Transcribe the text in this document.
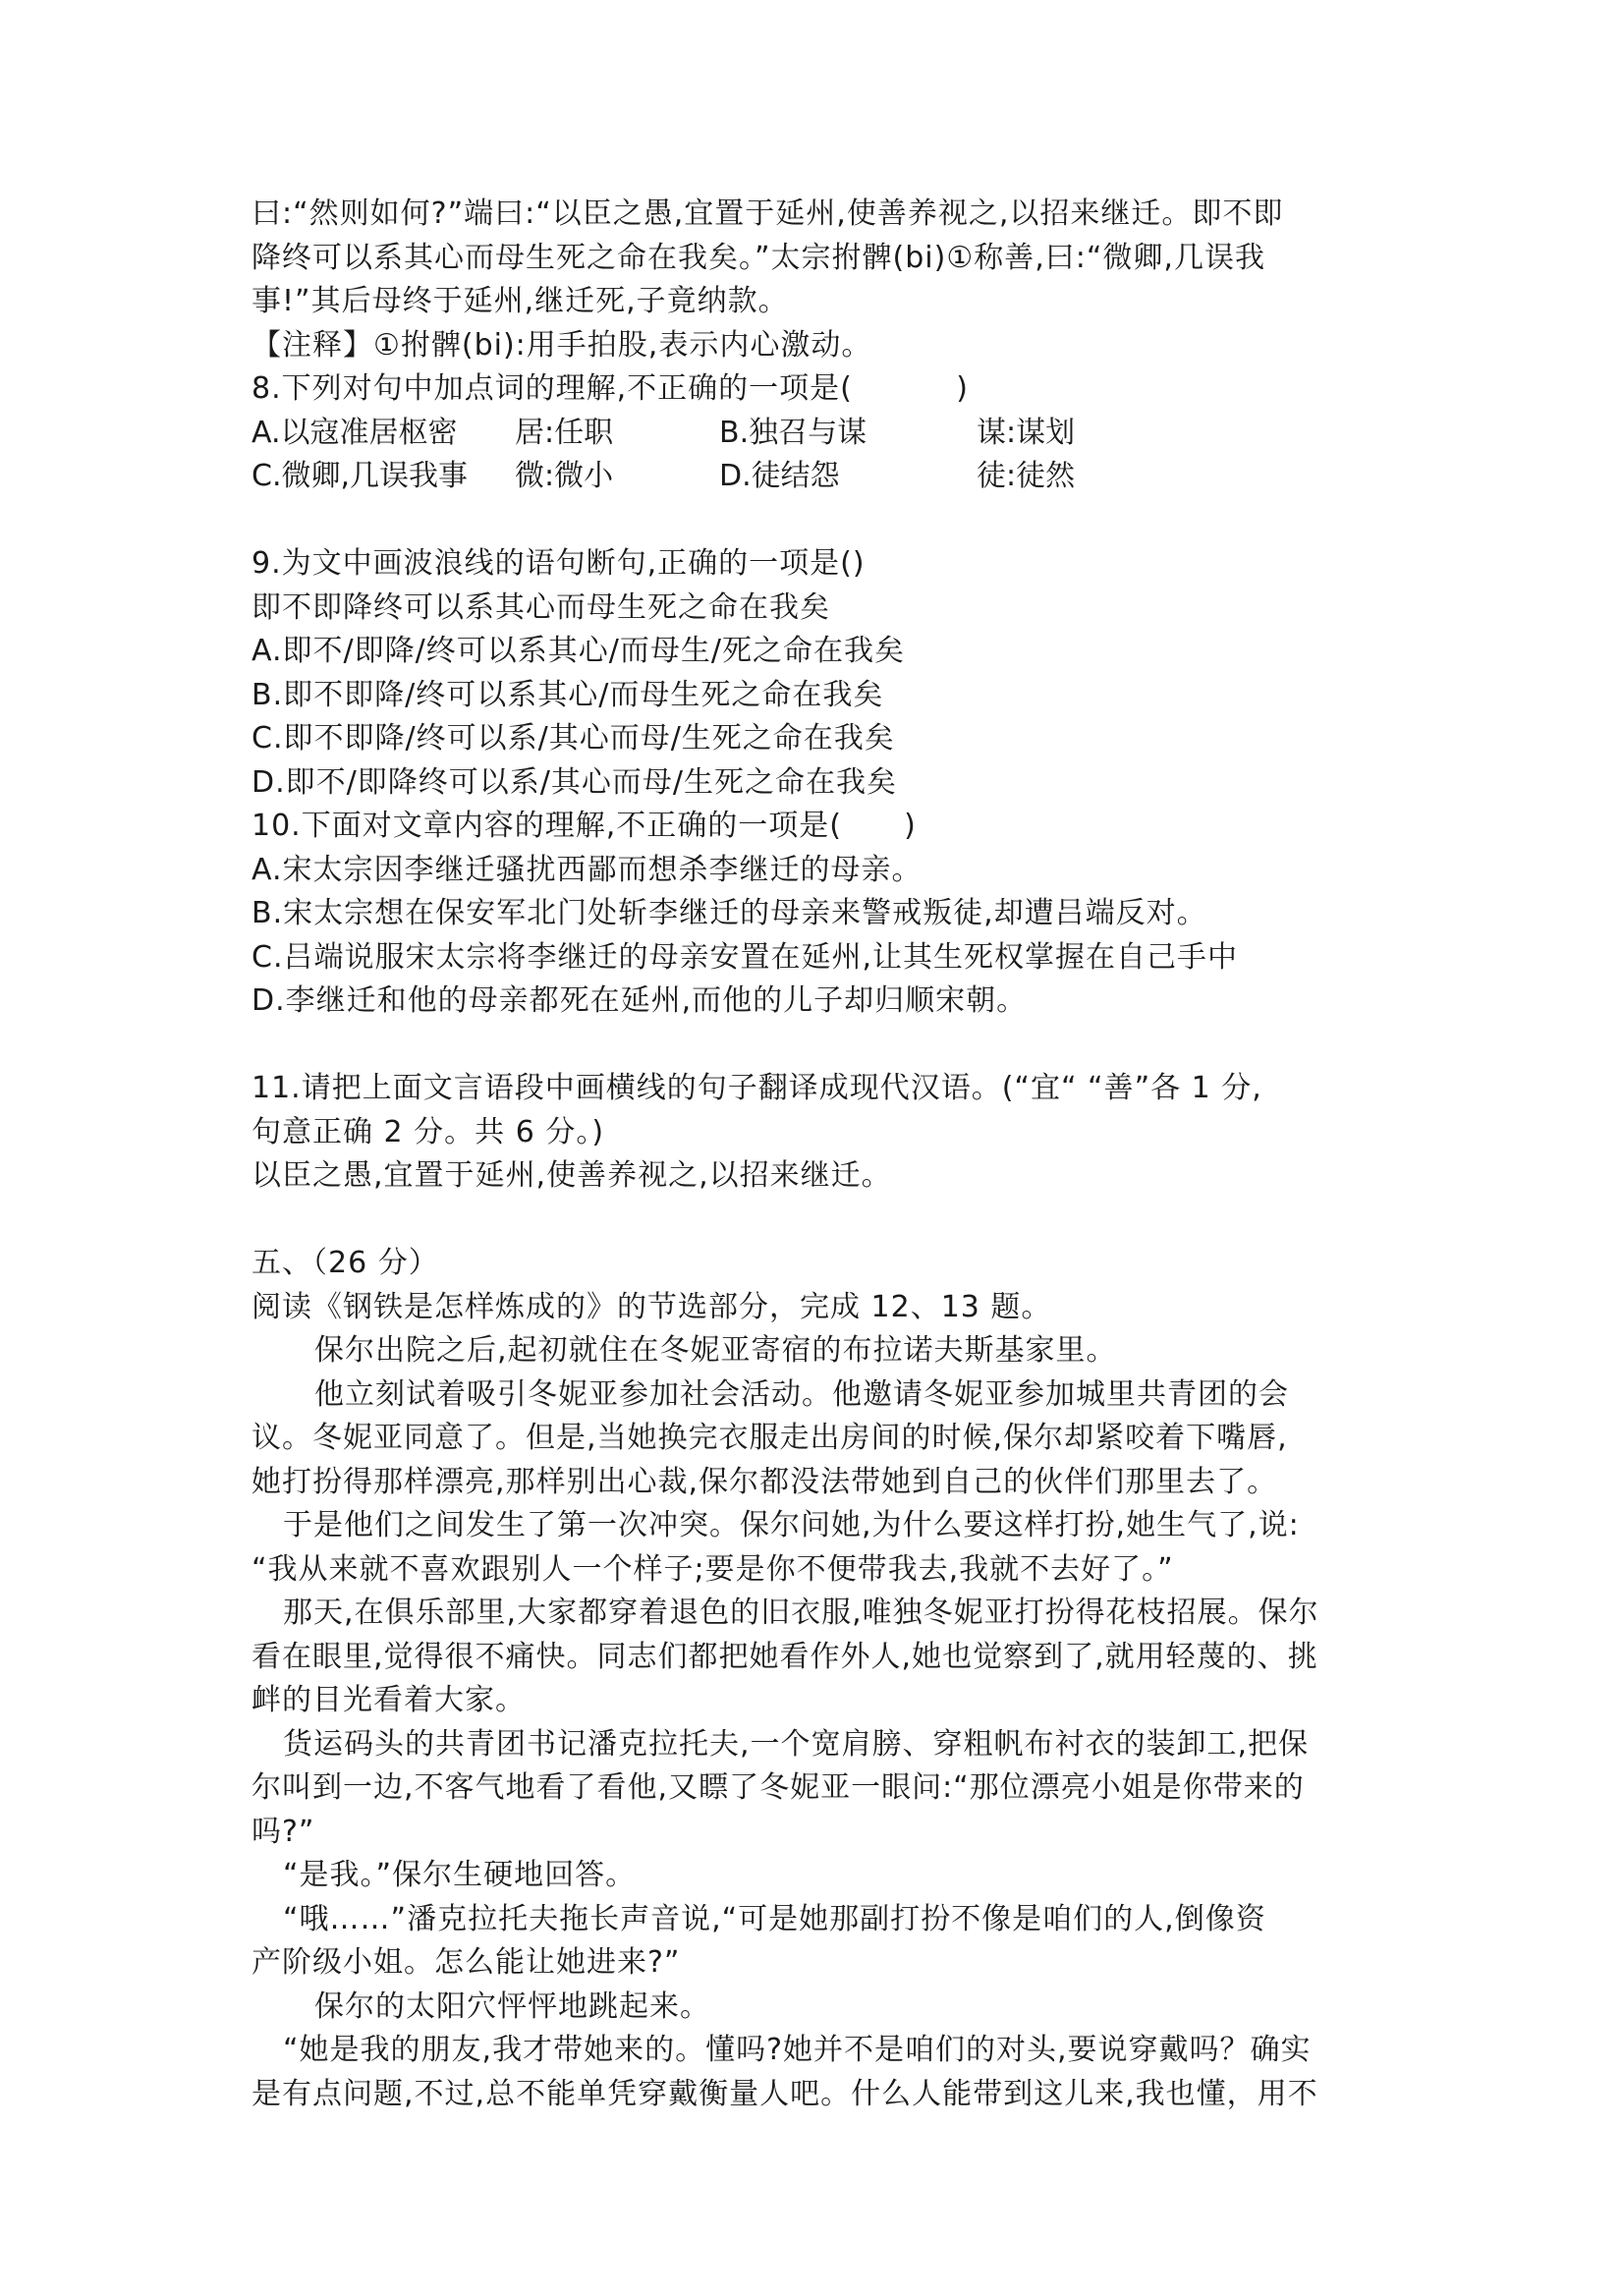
曰:“然则如何?”端曰:“以臣之愚,宜置于延州,使善养视之,以招来继迁。即不即
降终可以系其心而母生死之命在我矣。”太宗拊髀(bi)①称善,曰:“微卿,几误我
事!”其后母终于延州,继迁死,子竟纳款。
【注释】①拊髀(bi):用手拍股,表示内心激动。
8.下列对句中加点词的理解,不正确的一项是(          )
A.以寇准居枢密	居:任职	B.独召与谋	谋:谋划
C.微卿,几误我事	微:微小	D.徒结怨	徒:徒然
9.为文中画波浪线的语句断句,正确的一项是()
即不即降终可以系其心而母生死之命在我矣
A.即不/即降/终可以系其心/而母生/死之命在我矣
B.即不即降/终可以系其心/而母生死之命在我矣
C.即不即降/终可以系/其心而母/生死之命在我矣
D.即不/即降终可以系/其心而母/生死之命在我矣
10.下面对文章内容的理解,不正确的一项是(      )
A.宋太宗因李继迁骚扰西鄙而想杀李继迁的母亲。
B.宋太宗想在保安军北门处斩李继迁的母亲来警戒叛徒,却遭吕端反对。
C.吕端说服宋太宗将李继迁的母亲安置在延州,让其生死权掌握在自己手中
D.李继迁和他的母亲都死在延州,而他的儿子却归顺宋朝。
11.请把上面文言语段中画横线的句子翻译成现代汉语。(“宜“ “善”各 1 分,
句意正确 2 分。共 6 分。)
以臣之愚,宜置于延州,使善养视之,以招来继迁。
五、（26 分）
阅读《钢铁是怎样炼成的》的节选部分，完成 12、13 题。
保尔出院之后,起初就住在冬妮亚寄宿的布拉诺夫斯基家里。
他立刻试着吸引冬妮亚参加社会活动。他邀请冬妮亚参加城里共青团的会
议。冬妮亚同意了。但是,当她换完衣服走出房间的时候,保尔却紧咬着下嘴唇,
她打扮得那样漂亮,那样别出心裁,保尔都没法带她到自己的伙伴们那里去了。
于是他们之间发生了第一次冲突。保尔问她,为什么要这样打扮,她生气了,说:
“我从来就不喜欢跟别人一个样子;要是你不便带我去,我就不去好了。”
那天,在俱乐部里,大家都穿着退色的旧衣服,唯独冬妮亚打扮得花枝招展。保尔
看在眼里,觉得很不痛快。同志们都把她看作外人,她也觉察到了,就用轻蔑的、挑
衅的目光看着大家。
货运码头的共青团书记潘克拉托夫,一个宽肩膀、穿粗帆布衬衣的装卸工,把保
尔叫到一边,不客气地看了看他,又瞟了冬妮亚一眼问:“那位漂亮小姐是你带来的
吗?”
“是我。”保尔生硬地回答。
“哦……”潘克拉托夫拖长声音说,“可是她那副打扮不像是咱们的人,倒像资
产阶级小姐。怎么能让她进来?”
保尔的太阳穴怦怦地跳起来。
“她是我的朋友,我才带她来的。懂吗?她并不是咱们的对头,要说穿戴吗？确实
是有点问题,不过,总不能单凭穿戴衡量人吧。什么人能带到这儿来,我也懂，用不
